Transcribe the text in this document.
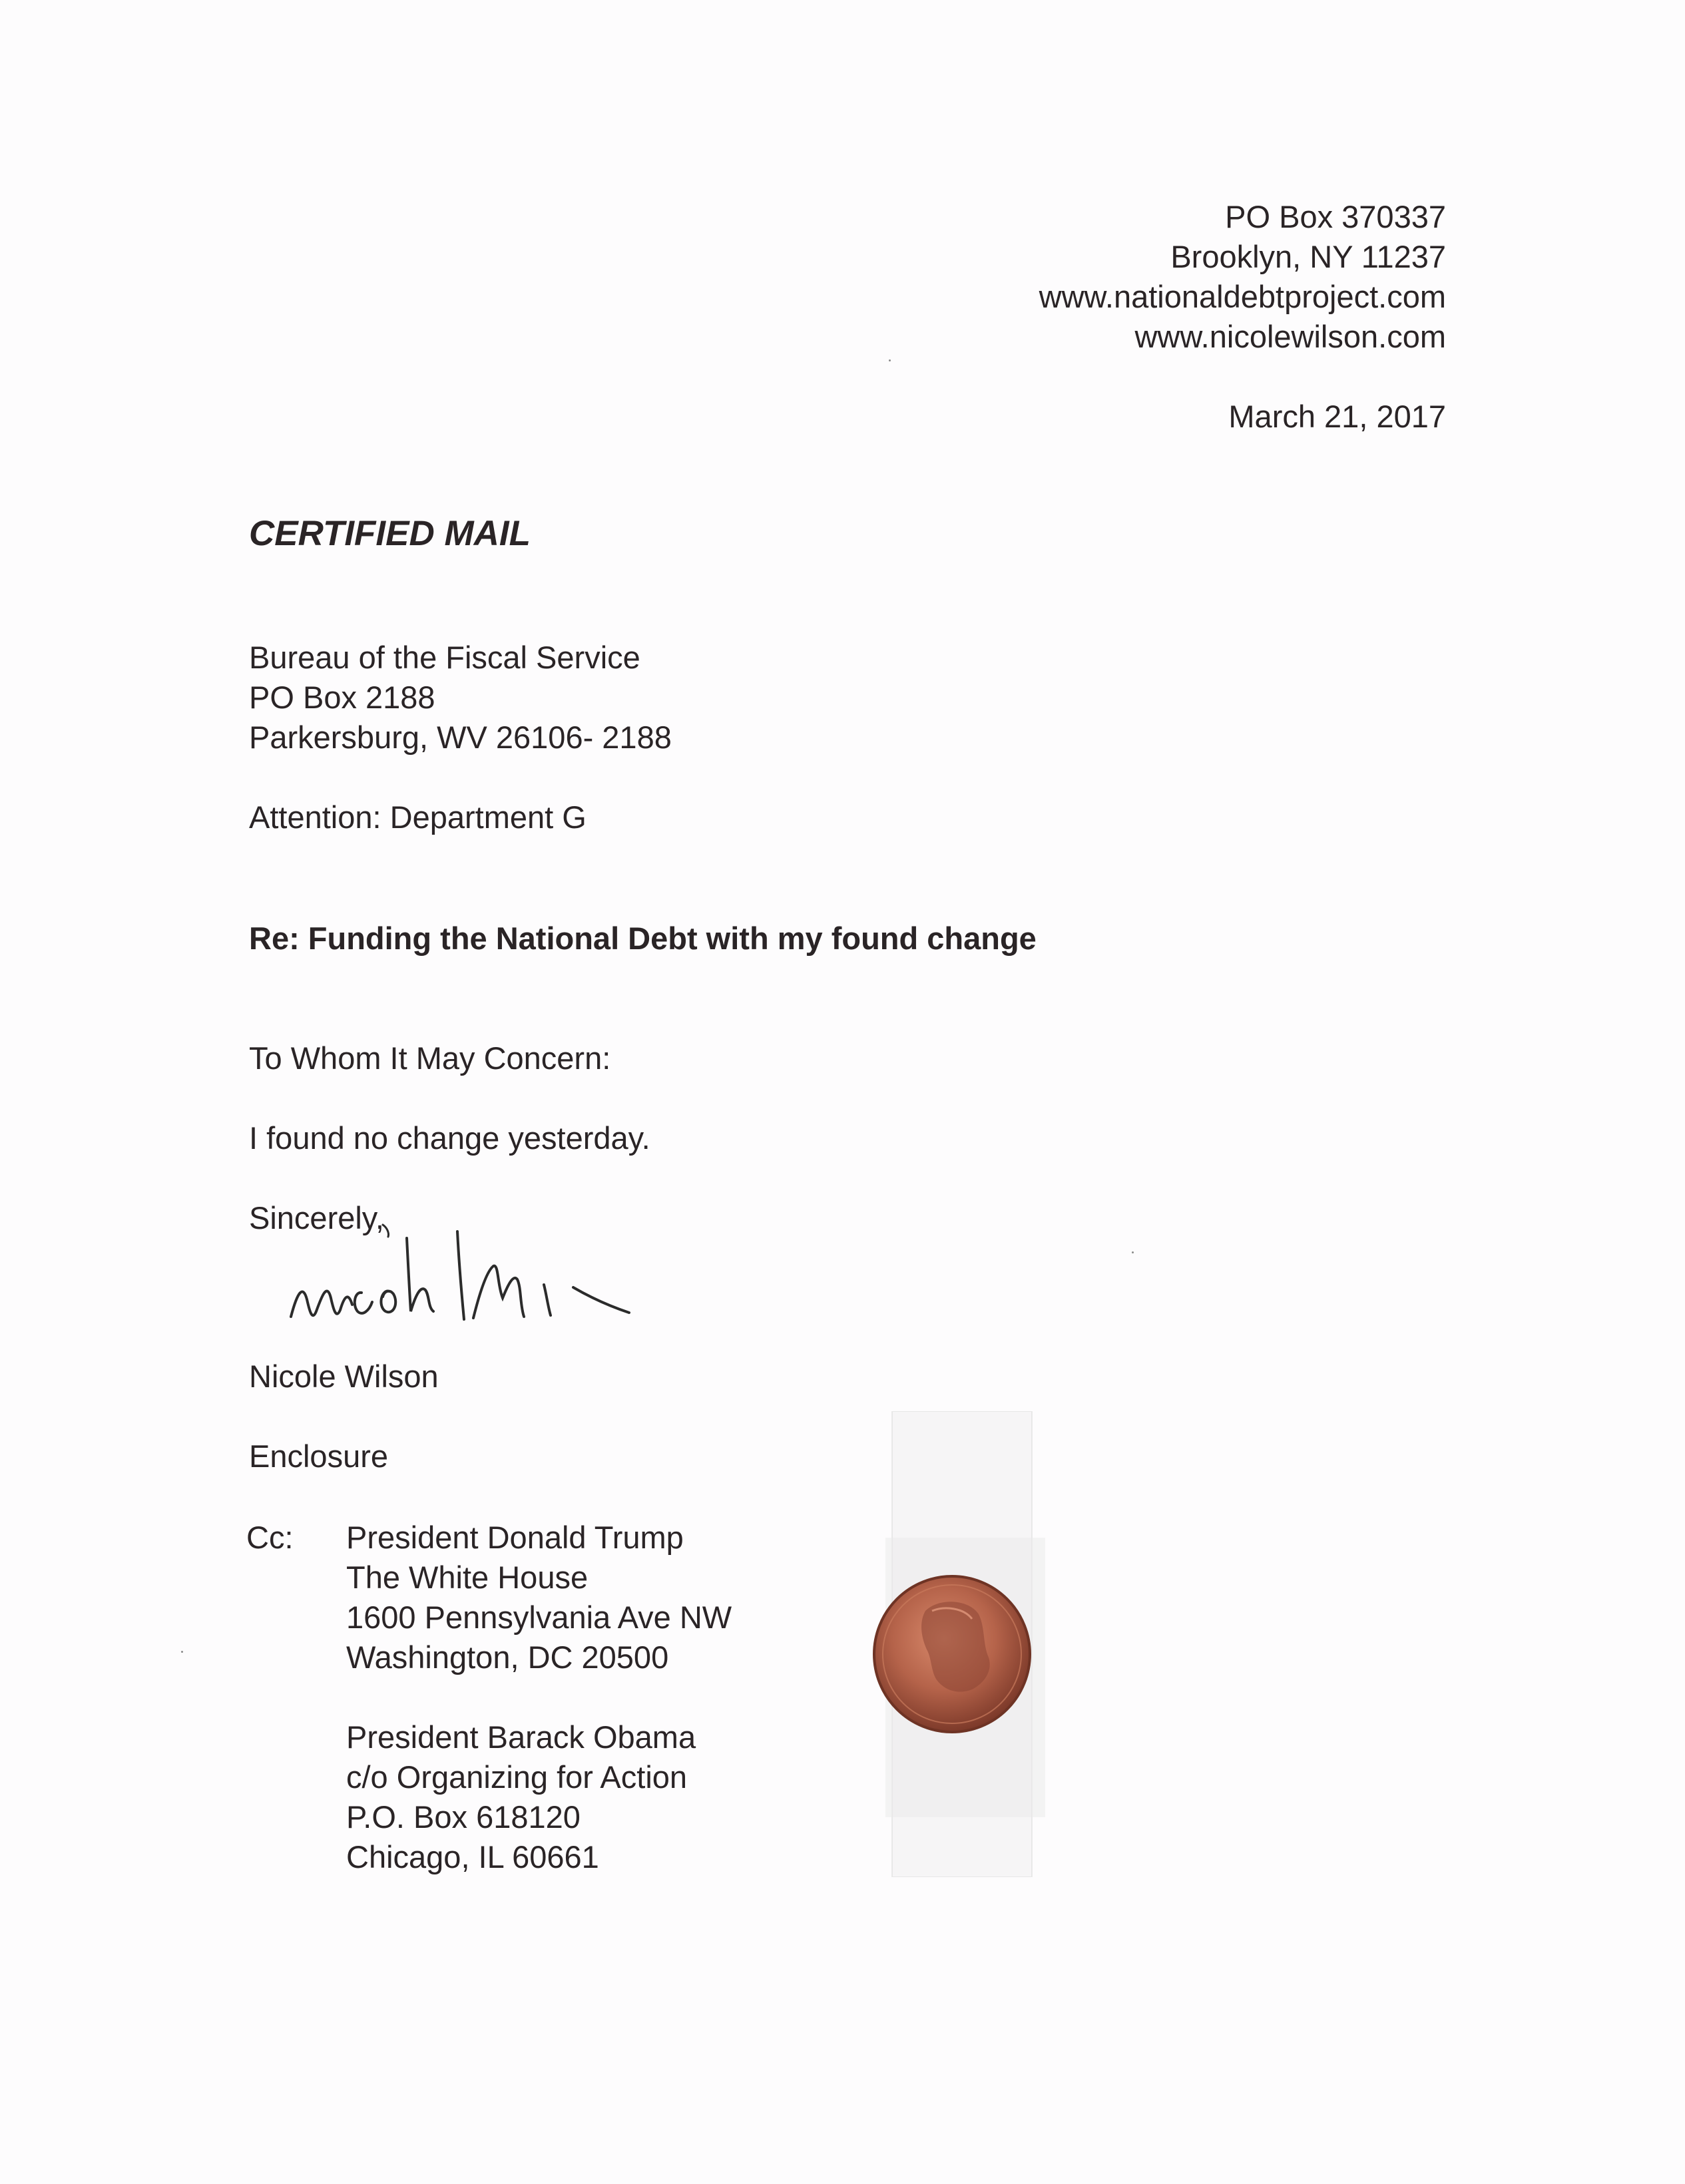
PO Box 370337
Brooklyn, NY 11237
www.nationaldebtproject.com
www.nicolewilson.com
March 21, 2017
CERTIFIED MAIL
Bureau of the Fiscal Service
PO Box 2188
Parkersburg, WV 26106- 2188
Attention: Department G
Re: Funding the National Debt with my found change
To Whom It May Concern:
I found no change yesterday.
Sincerely,
Nicole Wilson
Enclosure
Cc: President Donald Trump
The White House
1600 Pennsylvania Ave NW
Washington, DC 20500
President Barack Obama
c/o Organizing for Action
P.O. Box 618120
Chicago, IL 60661
